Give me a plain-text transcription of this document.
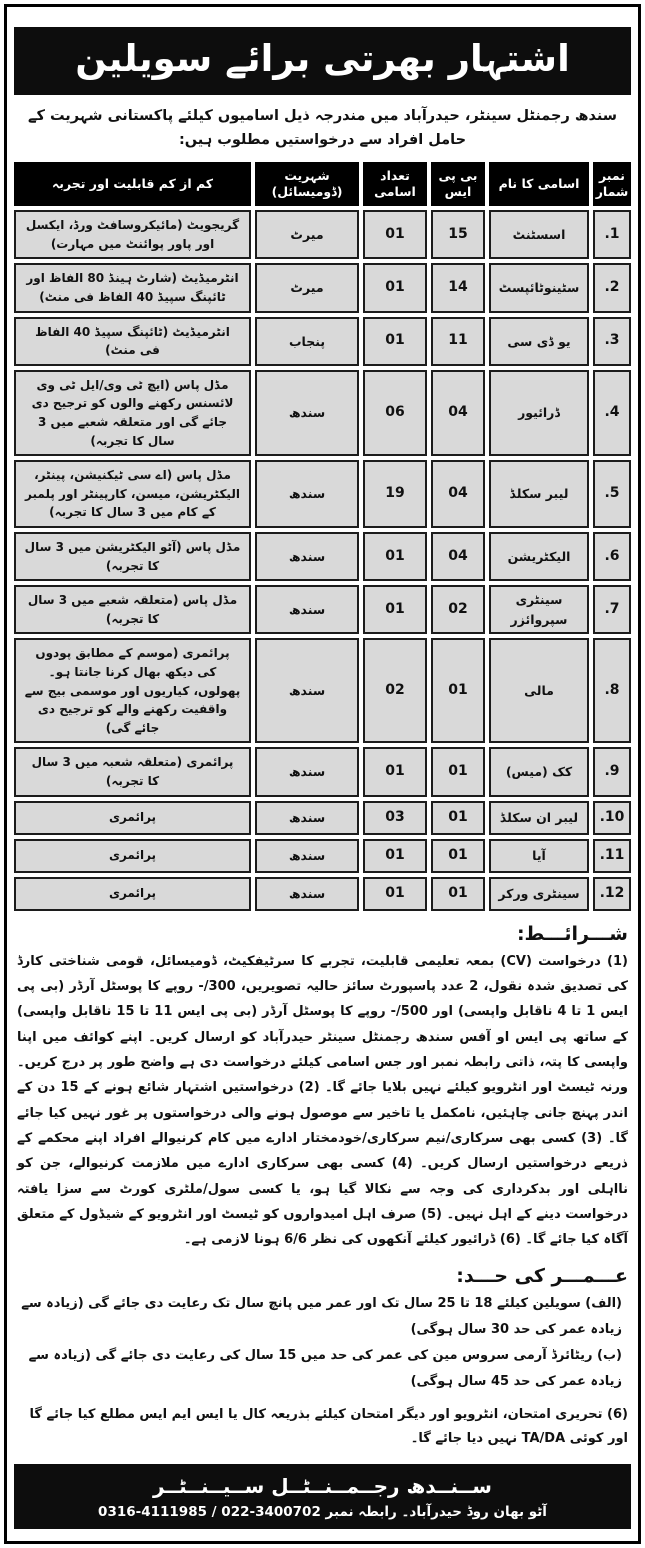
اشتہار بھرتی برائے سویلین

سندھ رجمنٹل سینٹر، حیدرآباد میں مندرجہ ذیل اسامیوں کیلئے پاکستانی شہریت کے حامل افراد سے درخواستیں مطلوب ہیں:

نمبر شمار
اسامی کا نام
بی پی ایس
تعداد اسامی
شہریت (ڈومیسائل)
کم از کم قابلیت اور تجربہ
1.
اسسٹنٹ
15
01
میرٹ
گریجویٹ (مائیکروسافٹ ورڈ، ایکسل اور پاور پوائنٹ میں مہارت)
2.
سٹینوٹائپسٹ
14
01
میرٹ
انٹرمیڈیٹ (شارٹ ہینڈ 80 الفاظ اور ٹائپنگ سپیڈ 40 الفاظ فی منٹ)
3.
یو ڈی سی
11
01
پنجاب
انٹرمیڈیٹ (ٹائپنگ سپیڈ 40 الفاظ فی منٹ)
4.
ڈرائیور
04
06
سندھ
مڈل پاس (ایچ ٹی وی/ایل ٹی وی لائسنس رکھنے والوں کو ترجیح دی جائے گی اور متعلقہ شعبے میں 3 سال کا تجربہ)
5.
لیبر سکلڈ
04
19
سندھ
مڈل پاس (اے سی ٹیکنیشن، پینٹر، الیکٹریشن، میسن، کارپینٹر اور پلمبر کے کام میں 3 سال کا تجربہ)
6.
الیکٹریشن
04
01
سندھ
مڈل پاس (آٹو الیکٹریشن میں 3 سال کا تجربہ)
7.
سینٹری سپروائزر
02
01
سندھ
مڈل پاس (متعلقہ شعبے میں 3 سال کا تجربہ)
8.
مالی
01
02
سندھ
پرائمری (موسم کے مطابق پودوں کی دیکھ بھال کرنا جانتا ہو۔ پھولوں، کیاریوں اور موسمی بیج سے واقفیت رکھنے والے کو ترجیح دی جائے گی)
9.
کک (میس)
01
01
سندھ
پرائمری (متعلقہ شعبہ میں 3 سال کا تجربہ)
10.
لیبر ان سکلڈ
01
03
سندھ
پرائمری
11.
آیا
01
01
سندھ
پرائمری
12.
سینٹری ورکر
01
01
سندھ
پرائمری
شـــرائـــط:

(1) درخواست (CV) بمعہ تعلیمی قابلیت، تجربے کا سرٹیفکیٹ، ڈومیسائل، قومی شناختی کارڈ کی تصدیق شدہ نقول، 2 عدد پاسپورٹ سائز حالیہ تصویریں، 300/- روپے کا پوسٹل آرڈر (بی پی ایس 1 تا 4 ناقابل واپسی) اور 500/- روپے کا پوسٹل آرڈر (بی پی ایس 11 تا 15 ناقابل واپسی) کے ساتھ پی ایس او آفس سندھ رجمنٹل سینٹر حیدرآباد کو ارسال کریں۔ اپنے کوائف میں اپنا واپسی کا پتہ، ذاتی رابطہ نمبر اور جس اسامی کیلئے درخواست دی ہے واضح طور پر درج کریں۔ ورنہ ٹیسٹ اور انٹرویو کیلئے نہیں بلایا جائے گا۔ (2) درخواستیں اشتہار شائع ہونے کے 15 دن کے اندر پہنچ جانی چاہئیں، نامکمل یا تاخیر سے موصول ہونے والی درخواستوں پر غور نہیں کیا جائے گا۔ (3) کسی بھی سرکاری/نیم سرکاری/خودمختار ادارے میں کام کرنیوالے افراد اپنے محکمے کے ذریعے درخواستیں ارسال کریں۔ (4) کسی بھی سرکاری ادارے میں ملازمت کرنیوالے، جن کو نااہلی اور بدکرداری کی وجہ سے نکالا گیا ہو، یا کسی سول/ملٹری کورٹ سے سزا یافتہ درخواست دینے کے اہل نہیں۔ (5) صرف اہل امیدواروں کو ٹیسٹ اور انٹرویو کے شیڈول کے متعلق آگاہ کیا جائے گا۔ (6) ڈرائیور کیلئے آنکھوں کی نظر 6/6 ہونا لازمی ہے۔

عـــمـــر کی حـــد:

(الف) سویلین کیلئے 18 تا 25 سال تک اور عمر میں پانچ سال تک رعایت دی جائے گی (زیادہ سے زیادہ عمر کی حد 30 سال ہوگی)

(ب) ریٹائرڈ آرمی سروس مین کی عمر کی حد میں 15 سال کی رعایت دی جائے گی (زیادہ سے زیادہ عمر کی حد 45 سال ہوگی)

(6) تحریری امتحان، انٹرویو اور دیگر امتحان کیلئے بذریعہ کال یا ایس ایم ایس مطلع کیا جائے گا اور کوئی TA/DA نہیں دیا جائے گا۔

ســنــدھ رجــمــنــٹــل ســیــنــٹــر
آٹو بھان روڈ حیدرآباد۔ رابطہ نمبر 0316-4111985 / 022-3400702
